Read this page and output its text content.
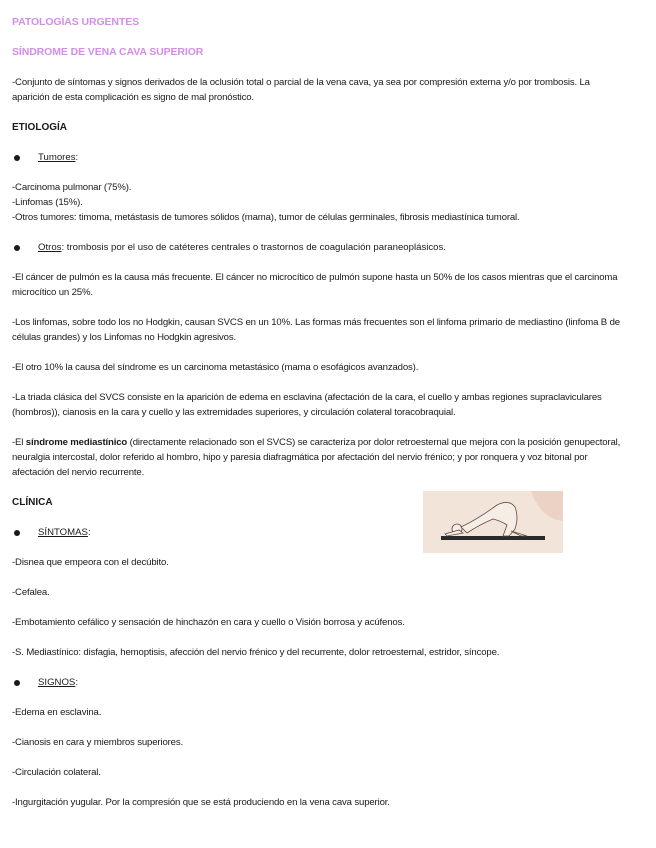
PATOLOGÍAS URGENTES
SÍNDROME DE VENA CAVA SUPERIOR

-Conjunto de síntomas y signos derivados de la oclusión total o parcial de la vena cava, ya sea por compresión externa y/o por trombosis. La aparición de esta complicación es signo de mal pronóstico.

ETIOLOGÍA
Tumores :

-Carcinoma pulmonar (75%).

-Linfomas (15%).

-Otros tumores: timoma, metástasis de tumores sólidos (mama), tumor de células germinales, fibrosis mediastínica tumoral.

Otros : trombosis por el uso de catéteres centrales o trastornos de coagulación paraneoplásicos.

-El cáncer de pulmón es la causa más frecuente. El cáncer no microcítico de pulmón supone hasta un 50% de los casos mientras que el carcinoma microcítico un 25%.

-Los linfomas, sobre todo los no Hodgkin, causan SVCS en un 10%. Las formas más frecuentes son el linfoma primario de mediastino (linfoma B de células grandes) y los Linfomas no Hodgkin agresivos.

-El otro 10% la causa del síndrome es un carcinoma metastásico (mama o esofágicos avanzados).

-La triada clásica del SVCS consiste en la aparición de edema en esclavina (afectación de la cara, el cuello y ambas regiones supraclaviculares (hombros)), cianosis en la cara y cuello y las extremidades superiores, y circulación colateral toracobraquial.

-El síndrome mediastínico (directamente relacionado son el SVCS) se caracteriza por dolor retroesternal que mejora con la posición genupectoral, neuralgia intercostal, dolor referido al hombro, hipo y paresia diafragmática por afectación del nervio frénico; y por ronquera y voz bitonal por afectación del nervio recurrente.

CLÍNICA
SÍNTOMAS :

-Disnea que empeora con el decúbito.

-Cefalea.

-Embotamiento cefálico y sensación de hinchazón en cara y cuello o Visión borrosa y acúfenos.

-S. Mediastínico: disfagia, hemoptisis, afección del nervio frénico y del recurrente, dolor retroesternal, estridor, síncope.

SIGNOS :

-Edema en esclavina.

-Cianosis en cara y miembros superiores.

-Circulación colateral.

-Ingurgitación yugular. Por la compresión que se está produciendo en la vena cava superior.
